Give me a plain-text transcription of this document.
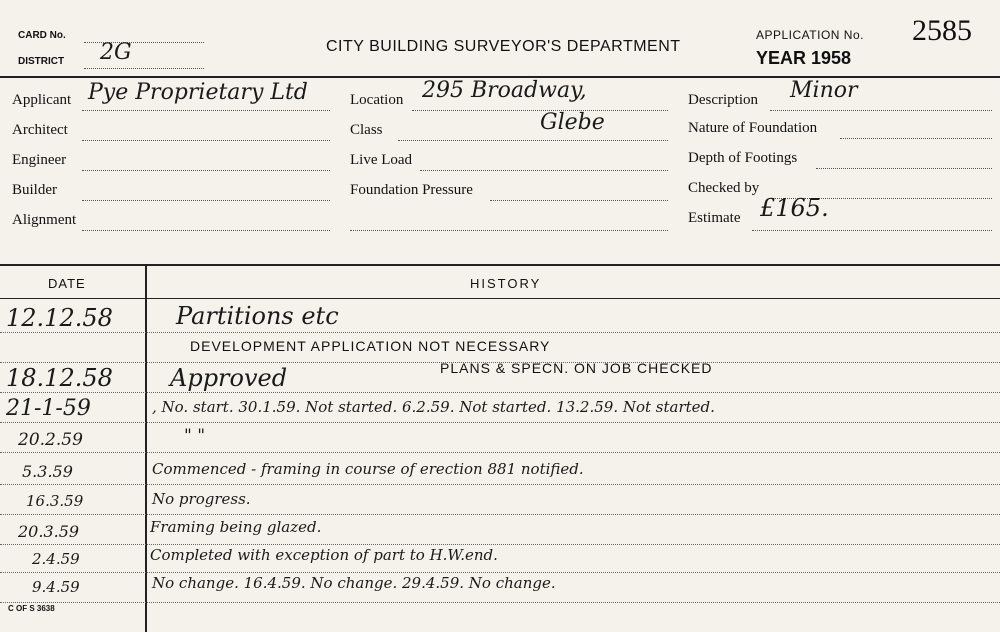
CARD No.
DISTRICT 2G	CITY BUILDING SURVEYOR'S DEPARTMENT
APPLICATION No. 2585
YEAR 1958
Applicant Pye Proprietary Ltd
Architect
Engineer
Builder
Alignment
Location 295 Broadway,
Class	Glebe
Live Load
Foundation Pressure
Description Minor
Nature of Foundation
Depth of Footings
Checked by
Estimate £165.
DATE	HISTORY
12.12.58	Partitions etc
DEVELOPMENT APPLICATION NOT NECESSARY
PLANS & SPECN. ON JOB CHECKED
18.12.58 Approved
21-1-59	, No. start. 30.1.59. Not started. 6.2.59. Not started. 13.2.59. Not started.
20.2.59	" "
5.3.59	Commenced - framing in course of erection 881 notified.
16.3.59	No progress.
20.3.59	Framing being glazed.
2.4.59	Completed with exception of part to H.W.end.
9.4.59	No change. 16.4.59. No change. 29.4.59. No change.
C OF S 3638
